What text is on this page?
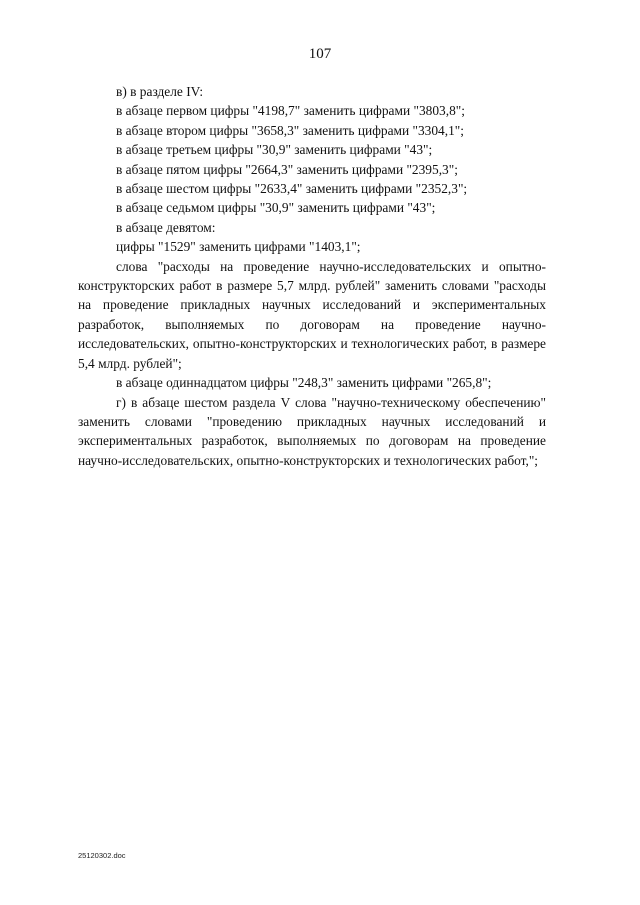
107
в) в разделе IV:
в абзаце первом цифры "4198,7" заменить цифрами "3803,8";
в абзаце втором цифры "3658,3" заменить цифрами "3304,1";
в абзаце третьем цифры "30,9" заменить цифрами "43";
в абзаце пятом цифры "2664,3" заменить цифрами "2395,3";
в абзаце шестом цифры "2633,4" заменить цифрами "2352,3";
в абзаце седьмом цифры "30,9" заменить цифрами "43";
в абзаце девятом:
цифры "1529" заменить цифрами "1403,1";

слова "расходы на проведение научно-исследовательских и опытно-конструкторских работ в размере 5,7 млрд. рублей" заменить словами "расходы на проведение прикладных научных исследований и экспериментальных разработок, выполняемых по договорам на проведение научно-исследовательских, опытно-конструкторских и технологических работ, в размере 5,4 млрд. рублей";

в абзаце одиннадцатом цифры "248,3" заменить цифрами "265,8";

г) в абзаце шестом раздела V слова "научно-техническому обеспечению" заменить словами "проведению прикладных научных исследований и экспериментальных разработок, выполняемых по договорам на проведение научно-исследовательских, опытно-конструкторских и технологических работ,";

25120302.doc
